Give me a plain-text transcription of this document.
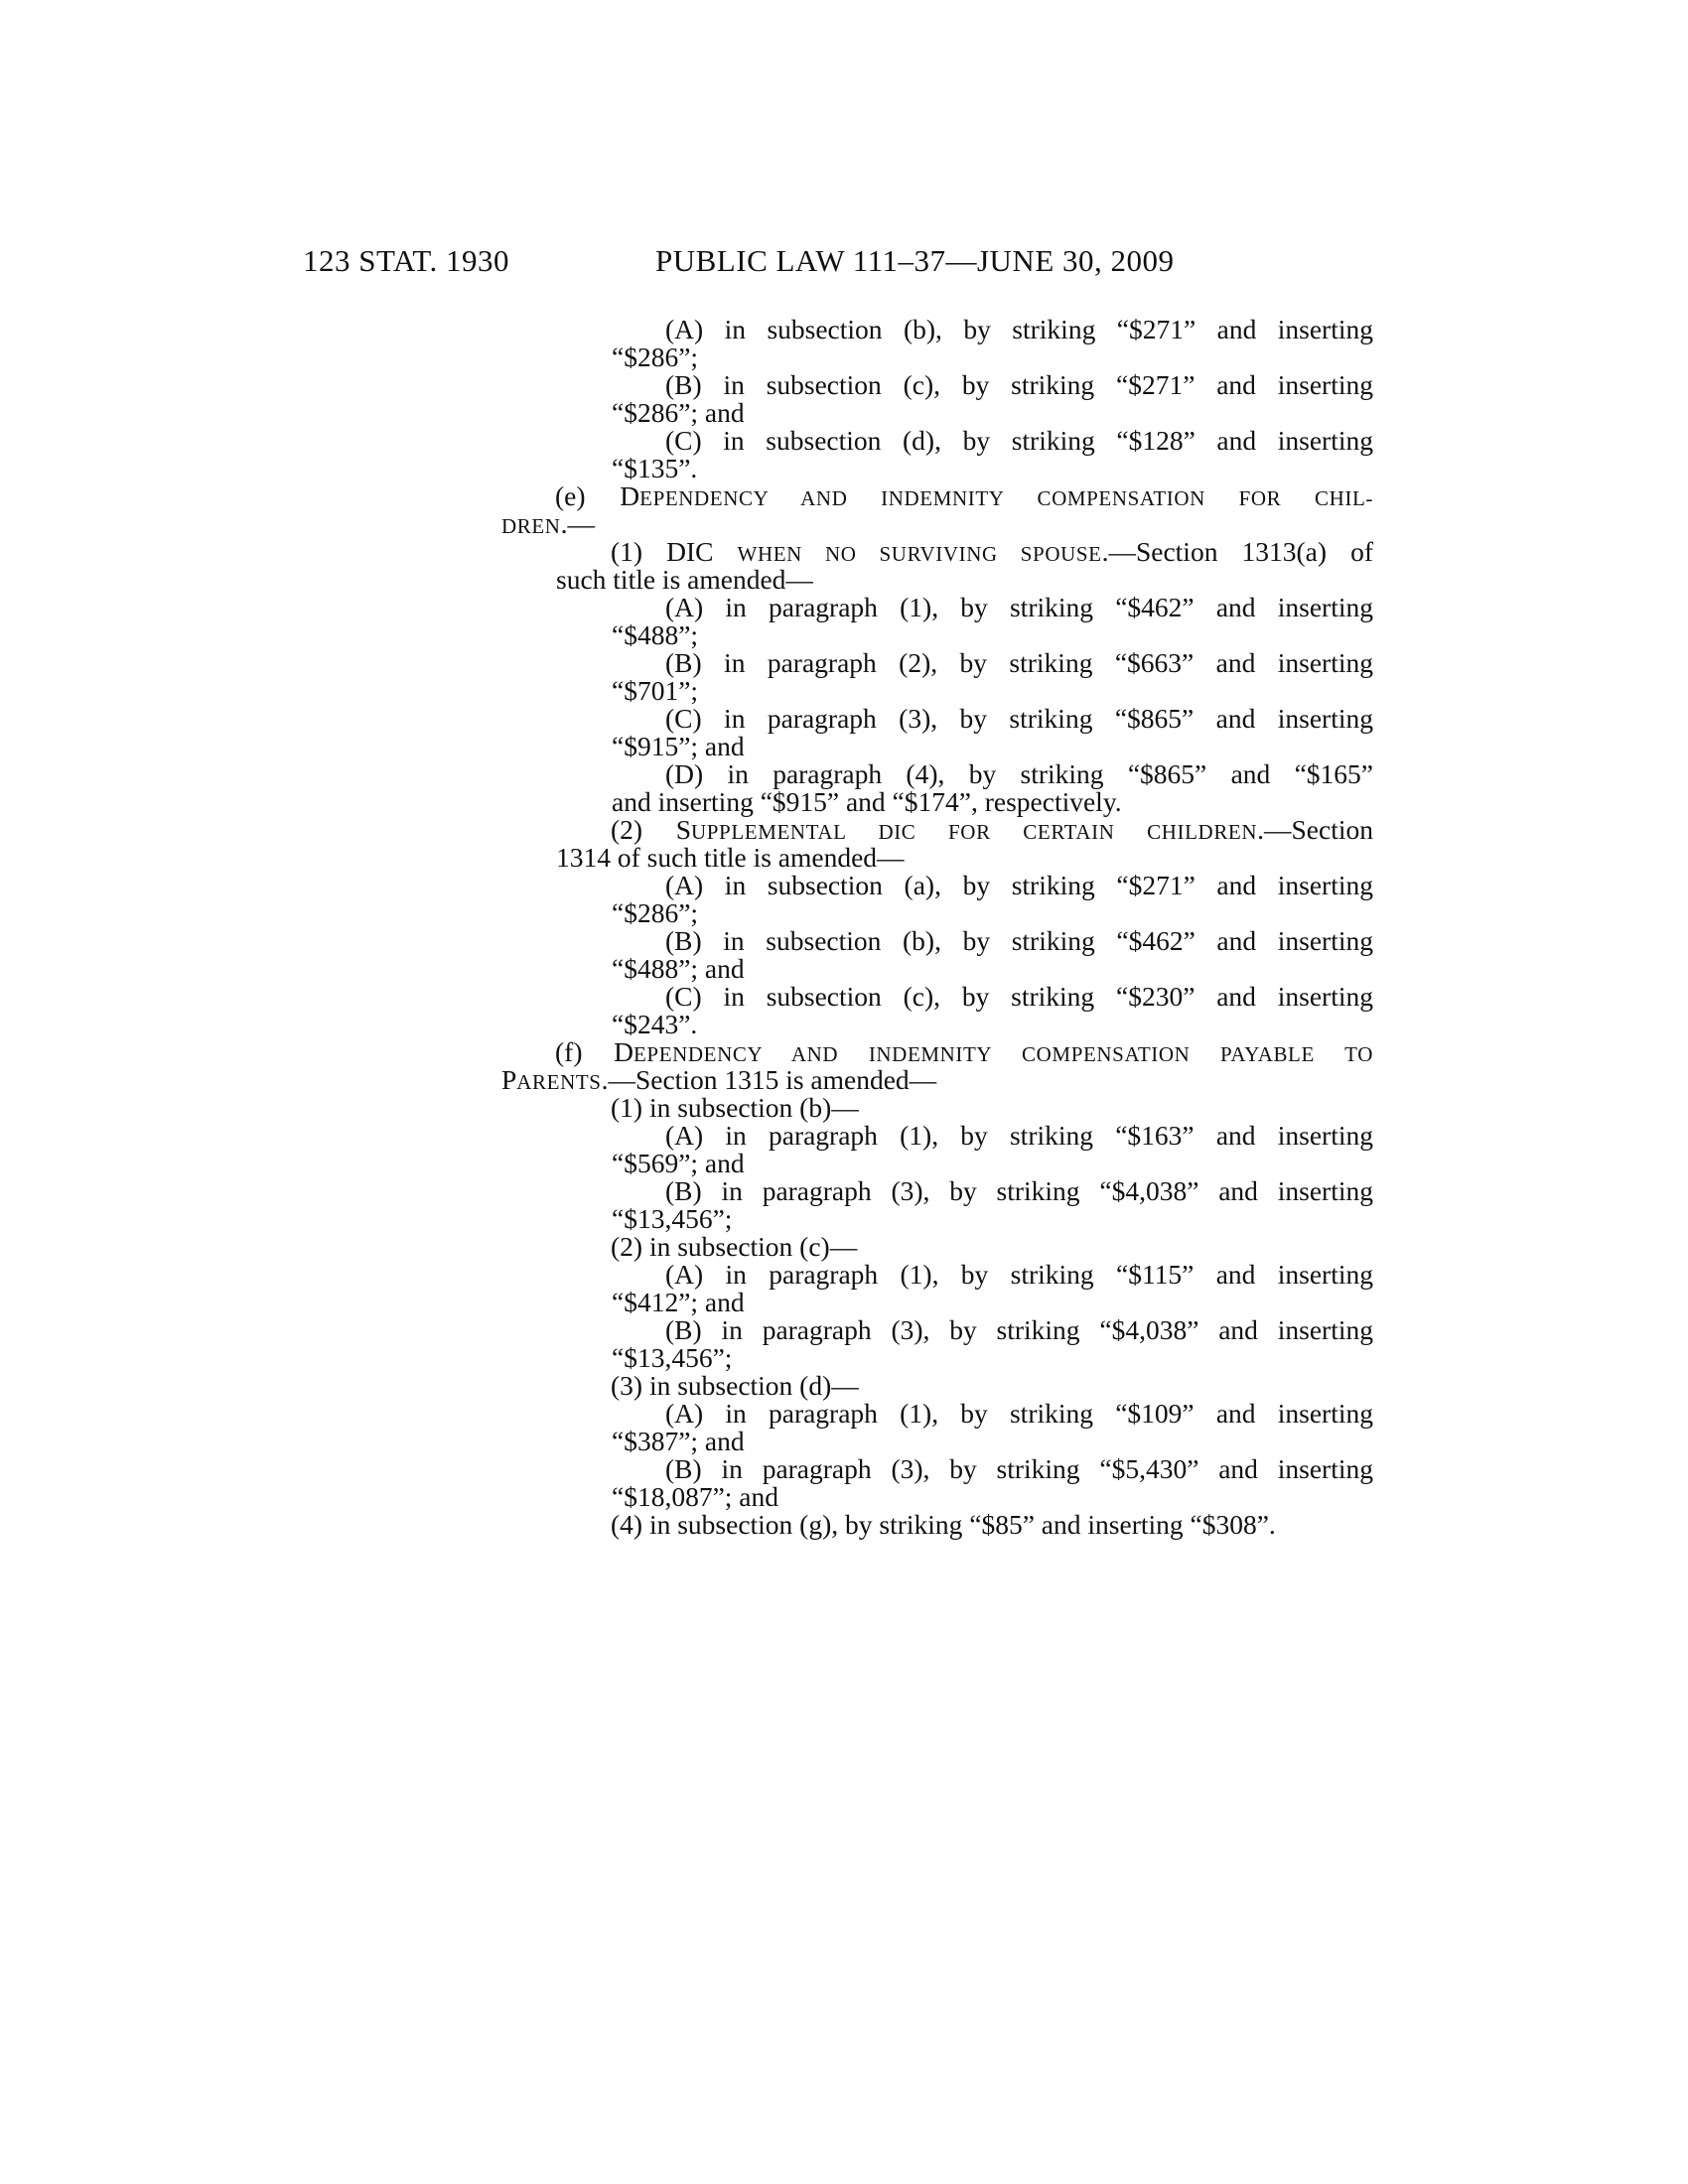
123 STAT. 1930	PUBLIC LAW 111–37—JUNE 30, 2009
(A) in subsection (b), by striking “$271” and inserting
“$286”;
(B) in subsection (c), by striking “$271” and inserting
“$286”; and
(C) in subsection (d), by striking “$128” and inserting
“$135”.
(e) DEPENDENCY AND INDEMNITY COMPENSATION FOR CHIL-
DREN.—
(1) DIC WHEN NO SURVIVING SPOUSE.—Section 1313(a) of
such title is amended—
(A) in paragraph (1), by striking “$462” and inserting
“$488”;
(B) in paragraph (2), by striking “$663” and inserting
“$701”;
(C) in paragraph (3), by striking “$865” and inserting
“$915”; and
(D) in paragraph (4), by striking “$865” and “$165”
and inserting “$915” and “$174”, respectively.
(2) SUPPLEMENTAL DIC FOR CERTAIN CHILDREN.—Section
1314 of such title is amended—
(A) in subsection (a), by striking “$271” and inserting
“$286”;
(B) in subsection (b), by striking “$462” and inserting
“$488”; and
(C) in subsection (c), by striking “$230” and inserting
“$243”.
(f) DEPENDENCY AND INDEMNITY COMPENSATION PAYABLE TO
PARENTS.—Section 1315 is amended—
(1) in subsection (b)—
(A) in paragraph (1), by striking “$163” and inserting
“$569”; and
(B) in paragraph (3), by striking “$4,038” and inserting
“$13,456”;
(2) in subsection (c)—
(A) in paragraph (1), by striking “$115” and inserting
“$412”; and
(B) in paragraph (3), by striking “$4,038” and inserting
“$13,456”;
(3) in subsection (d)—
(A) in paragraph (1), by striking “$109” and inserting
“$387”; and
(B) in paragraph (3), by striking “$5,430” and inserting
“$18,087”; and
(4) in subsection (g), by striking “$85” and inserting “$308”.
